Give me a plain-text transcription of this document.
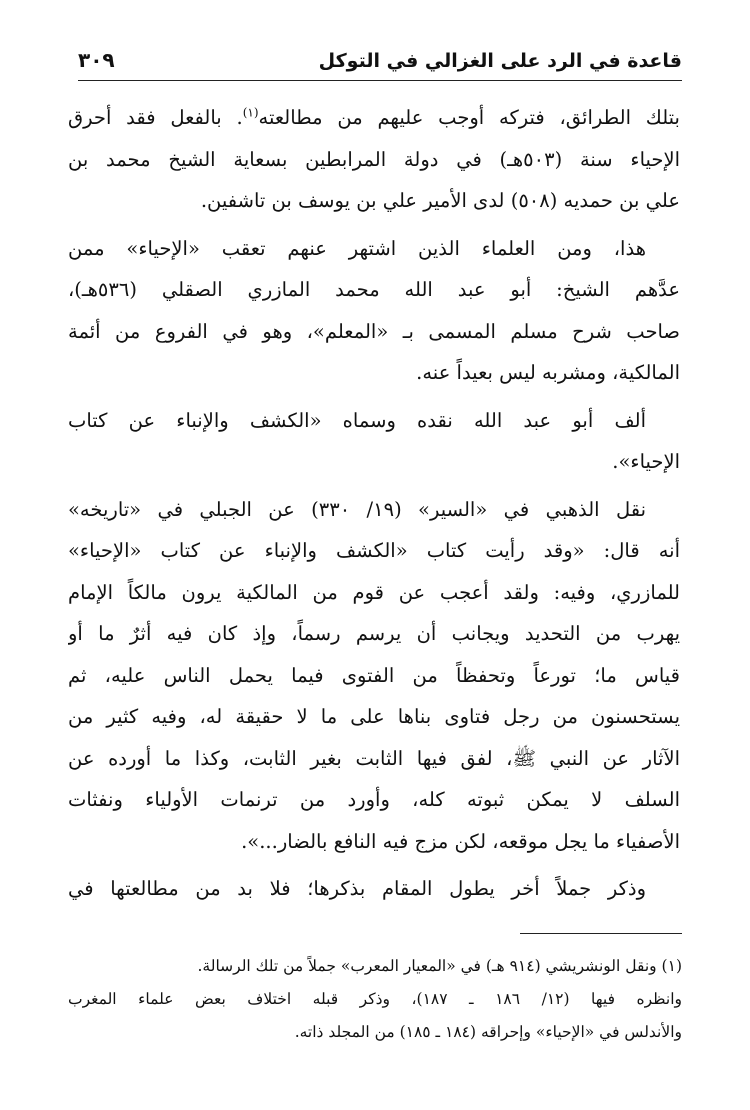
قاعدة في الرد على الغزالي في التوكل
٣٠٩
بتلك الطرائق، فتركه أوجب عليهم من مطالعته$^{(١)}$. بالفعل فقد أحرق
الإحياء سنة (٥٠٣هـ) في دولة المرابطين بسعاية الشيخ محمد بن
علي بن حمديه (٥٠٨) لدى الأمير علي بن يوسف بن تاشفين.
هذا، ومن العلماء الذين اشتهر عنهم تعقب «الإحياء» ممن
عدَّهم الشيخ: أبو عبد الله محمد المازري الصقلي (٥٣٦هـ)،
صاحب شرح مسلم المسمى بـ «المعلم»، وهو في الفروع من أئمة
المالكية، ومشربه ليس بعيداً عنه.
ألف أبو عبد الله نقده وسماه «الكشف والإنباء عن كتاب
الإحياء».
نقل الذهبي في «السير» (١٩/ ٣٣٠) عن الجبلي في «تاريخه»
أنه قال: «وقد رأيت كتاب «الكشف والإنباء عن كتاب «الإحياء»
للمازري، وفيه: ولقد أعجب عن قوم من المالكية يرون مالكاً الإمام
يهرب من التحديد ويجانب أن يرسم رسماً، وإذ كان فيه أثرٌ ما أو
قياس ما؛ تورعاً وتحفظاً من الفتوى فيما يحمل الناس عليه، ثم
يستحسنون من رجل فتاوى بناها على ما لا حقيقة له، وفيه كثير من
الآثار عن النبي ﷺ، لفق فيها الثابت بغير الثابت، وكذا ما أورده عن
السلف لا يمكن ثبوته كله، وأورد من ترنمات الأولياء ونفثات
الأصفياء ما يجل موقعه، لكن مزج فيه النافع بالضار...».
وذكر جملاً أخر يطول المقام بذكرها؛ فلا بد من مطالعتها في
(١) ونقل الونشريشي (٩١٤ هـ) في «المعيار المعرب» جملاً من تلك الرسالة.
وانظره فيها (١٢/ ١٨٦ ـ ١٨٧)، وذكر قبله اختلاف بعض علماء المغرب
والأندلس في «الإحياء» وإحراقه (١٨٤ ـ ١٨٥) من المجلد ذاته.
